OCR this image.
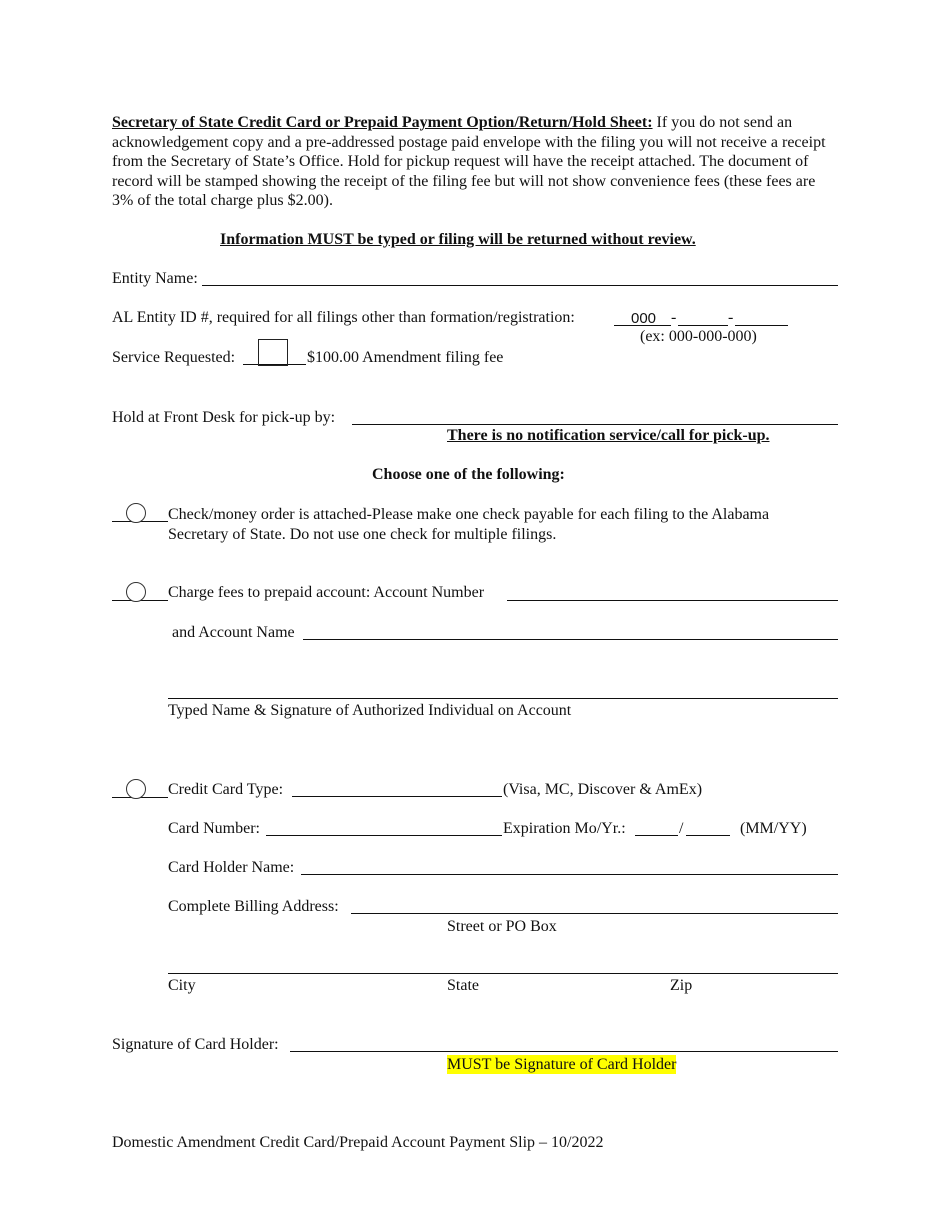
Secretary of State Credit Card or Prepaid Payment Option/Return/Hold Sheet: If you do not send an acknowledgement copy and a pre-addressed postage paid envelope with the filing you will not receive a receipt from the Secretary of State’s Office. Hold for pickup request will have the receipt attached. The document of record will be stamped showing the receipt of the filing fee but will not show convenience fees (these fees are 3% of the total charge plus $2.00).
Information MUST be typed or filing will be returned without review.
Entity Name:
AL Entity ID #, required for all filings other than formation/registration:	000 -	-
(ex: 000-000-000)
Service Requested:	$100.00 Amendment filing fee
Hold at Front Desk for pick-up by:
There is no notification service/call for pick-up.
Choose one of the following:
Check/money order is attached-Please make one check payable for each filing to the Alabama
Secretary of State. Do not use one check for multiple filings.
Charge fees to prepaid account: Account Number
and Account Name
Typed Name & Signature of Authorized Individual on Account
Credit Card Type:	(Visa, MC, Discover & AmEx)
Card Number:	Expiration Mo/Yr.:	/	(MM/YY)
Card Holder Name:
Complete Billing Address:
Street or PO Box
City	State	Zip
Signature of Card Holder:
MUST be Signature of Card Holder
Domestic Amendment Credit Card/Prepaid Account Payment Slip – 10/2022
